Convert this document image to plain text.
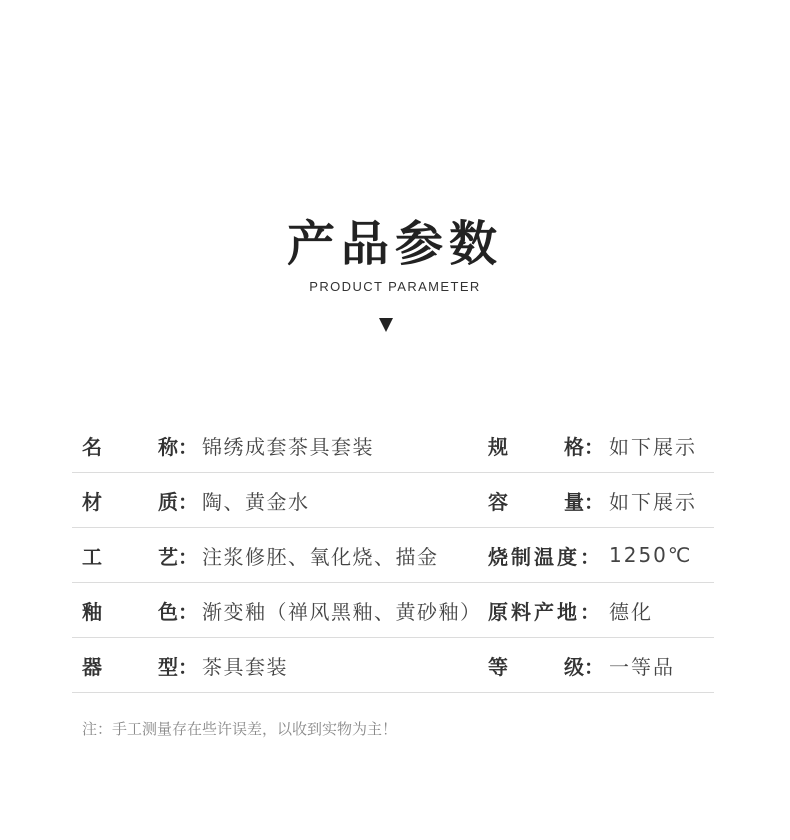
产品参数
PRODUCT PARAMETER
名	称： 锦绣成套茶具套装	规	格： 如下展示
材	质： 陶、黄金水	容	量： 如下展示
工	艺： 注浆修胚、氧化烧、描金 烧制温度： 1250℃
釉	色： 渐变釉（禅风黑釉、黄砂釉） 原料产地： 德化
器	型： 茶具套装	等	级： 一等品
注：手工测量存在些许误差，以收到实物为主！
